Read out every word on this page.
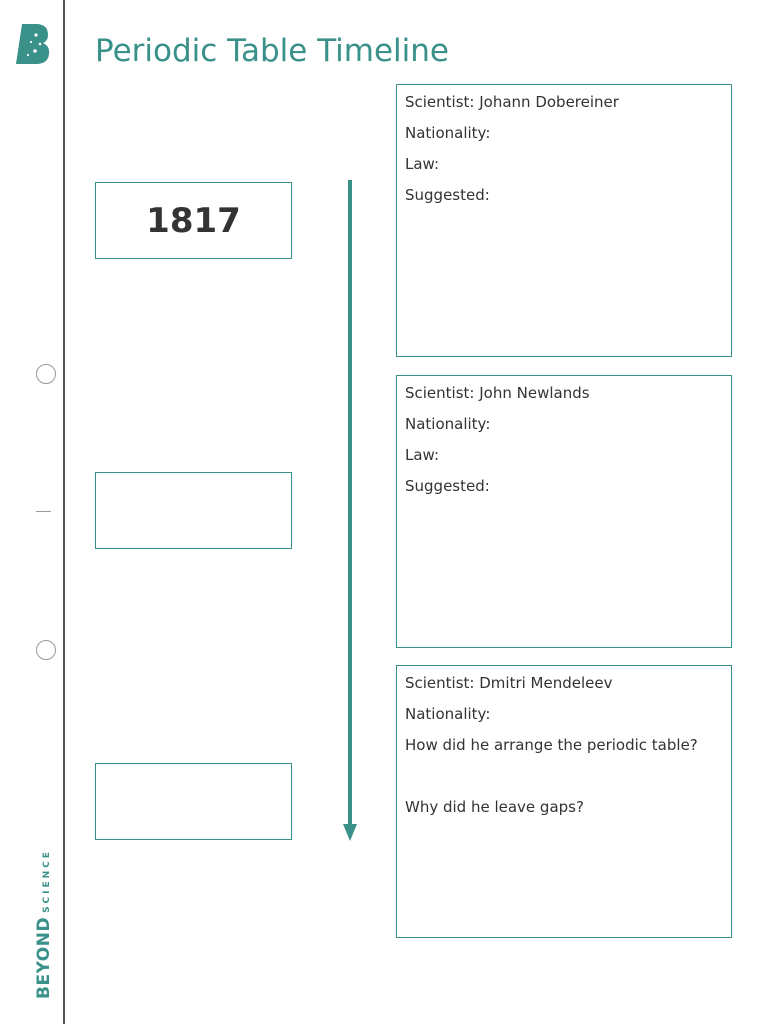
BEYONDSCIENCE
Periodic Table Timeline
1817
Scientist: Johann Dobereiner
Nationality:
Law:
Suggested:
Scientist: John Newlands
Nationality:
Law:
Suggested:
Scientist: Dmitri Mendeleev
Nationality:
How did he arrange the periodic table?
Why did he leave gaps?
